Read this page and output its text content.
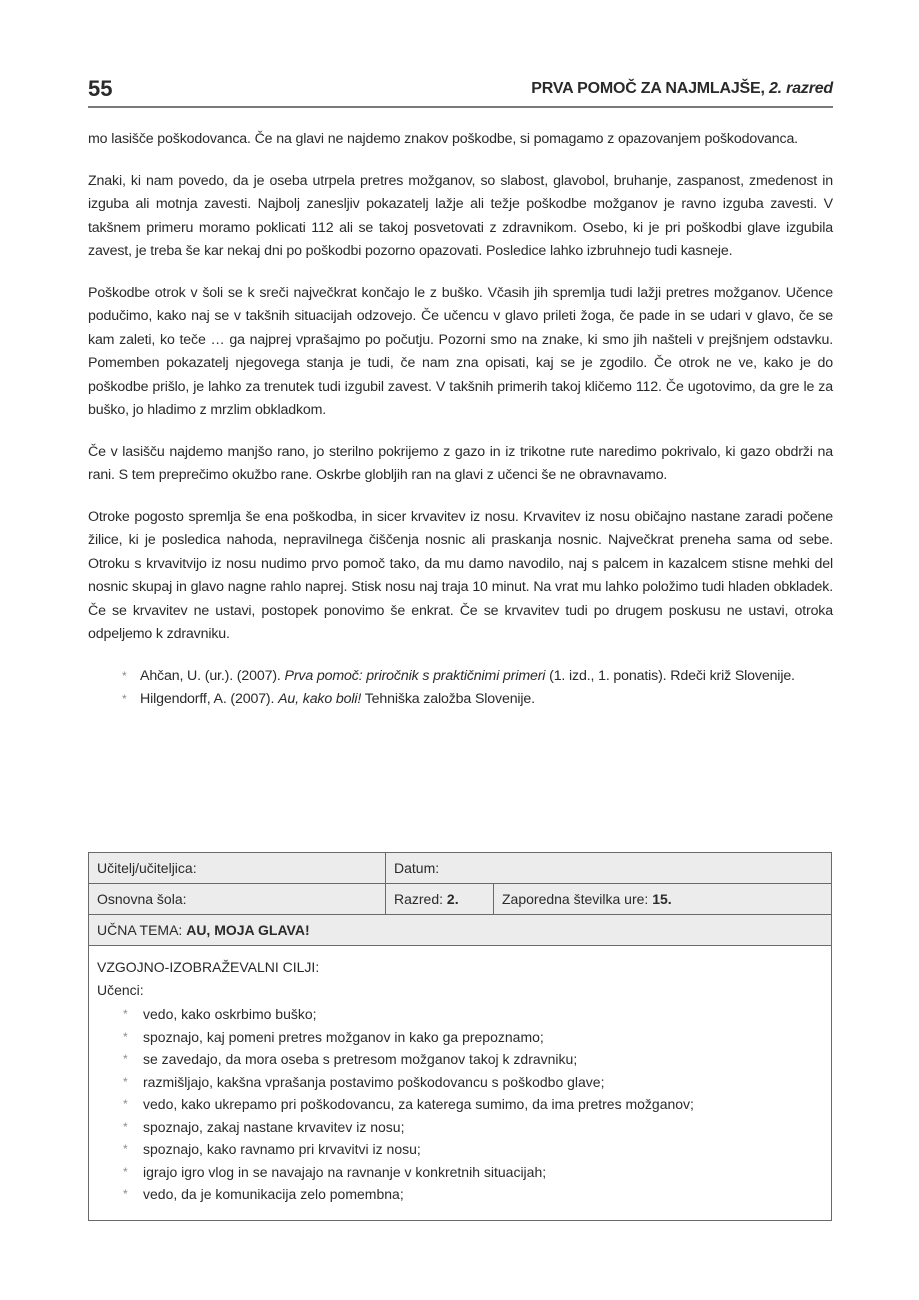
55	PRVA POMOČ ZA NAJMLAJŠE, 2. razred

mo lasišče poškodovanca. Če na glavi ne najdemo znakov poškodbe, si pomagamo z opazovanjem poškodovanca.

Znaki, ki nam povedo, da je oseba utrpela pretres možganov, so slabost, glavobol, bruhanje, zaspanost, zmedenost in izguba ali motnja zavesti. Najbolj zanesljiv pokazatelj lažje ali težje poškodbe možganov je ravno izguba zavesti. V takšnem primeru moramo poklicati 112 ali se takoj posvetovati z zdravnikom. Osebo, ki je pri poškodbi glave izgubila zavest, je treba še kar nekaj dni po poškodbi pozorno opazovati. Posledice lahko izbruhnejo tudi kasneje.

Poškodbe otrok v šoli se k sreči največkrat končajo le z buško. Včasih jih spremlja tudi lažji pretres možganov. Učence podučimo, kako naj se v takšnih situacijah odzovejo. Če učencu v glavo prileti žoga, če pade in se udari v glavo, če se kam zaleti, ko teče … ga najprej vprašajmo po počutju. Pozorni smo na znake, ki smo jih našteli v prejšnjem odstavku. Pomemben pokazatelj njegovega stanja je tudi, če nam zna opisati, kaj se je zgodilo. Če otrok ne ve, kako je do poškodbe prišlo, je lahko za trenutek tudi izgubil zavest. V takšnih primerih takoj kličemo 112. Če ugotovimo, da gre le za buško, jo hladimo z mrzlim obkladkom.

Če v lasišču najdemo manjšo rano, jo sterilno pokrijemo z gazo in iz trikotne rute naredimo pokrivalo, ki gazo obdrži na rani. S tem preprečimo okužbo rane. Oskrbe globljih ran na glavi z učenci še ne obravnavamo.

Otroke pogosto spremlja še ena poškodba, in sicer krvavitev iz nosu. Krvavitev iz nosu običajno nastane zaradi počene žilice, ki je posledica nahoda, nepravilnega čiščenja nosnic ali praskanja nosnic. Največkrat preneha sama od sebe. Otroku s krvavitvijo iz nosu nudimo prvo pomoč tako, da mu damo navodilo, naj s palcem in kazalcem stisne mehki del nosnic skupaj in glavo nagne rahlo naprej. Stisk nosu naj traja 10 minut. Na vrat mu lahko položimo tudi hladen obkladek. Če se krvavitev ne ustavi, postopek ponovimo še enkrat. Če se krvavitev tudi po drugem poskusu ne ustavi, otroka odpeljemo k zdravniku.

* Ahčan, U. (ur.). (2007). Prva pomoč: priročnik s praktičnimi primeri (1. izd., 1. ponatis). Rdeči križ Slovenije.
* Hilgendorff, A. (2007). Au, kako boli! Tehniška založba Slovenije.
Učitelj/učiteljica:	Datum:	
Osnovna šola:	Razred: 2.	Zaporedna številka ure: 15.
UČNA TEMA: AU, MOJA GLAVA!		

VZGOJNO-IZOBRAŽEVALNI CILJI:
Učenci:
* vedo, kako oskrbimo buško;
* spoznajo, kaj pomeni pretres možganov in kako ga prepoznamo;
* se zavedajo, da mora oseba s pretresom možganov takoj k zdravniku;
* razmišljajo, kakšna vprašanja postavimo poškodovancu s poškodbo glave;
* vedo, kako ukrepamo pri poškodovancu, za katerega sumimo, da ima pretres možganov;
* spoznajo, zakaj nastane krvavitev iz nosu;
* spoznajo, kako ravnamo pri krvavitvi iz nosu;
* igrajo igro vlog in se navajajo na ravnanje v konkretnih situacijah;
* vedo, da je komunikacija zelo pomembna;
